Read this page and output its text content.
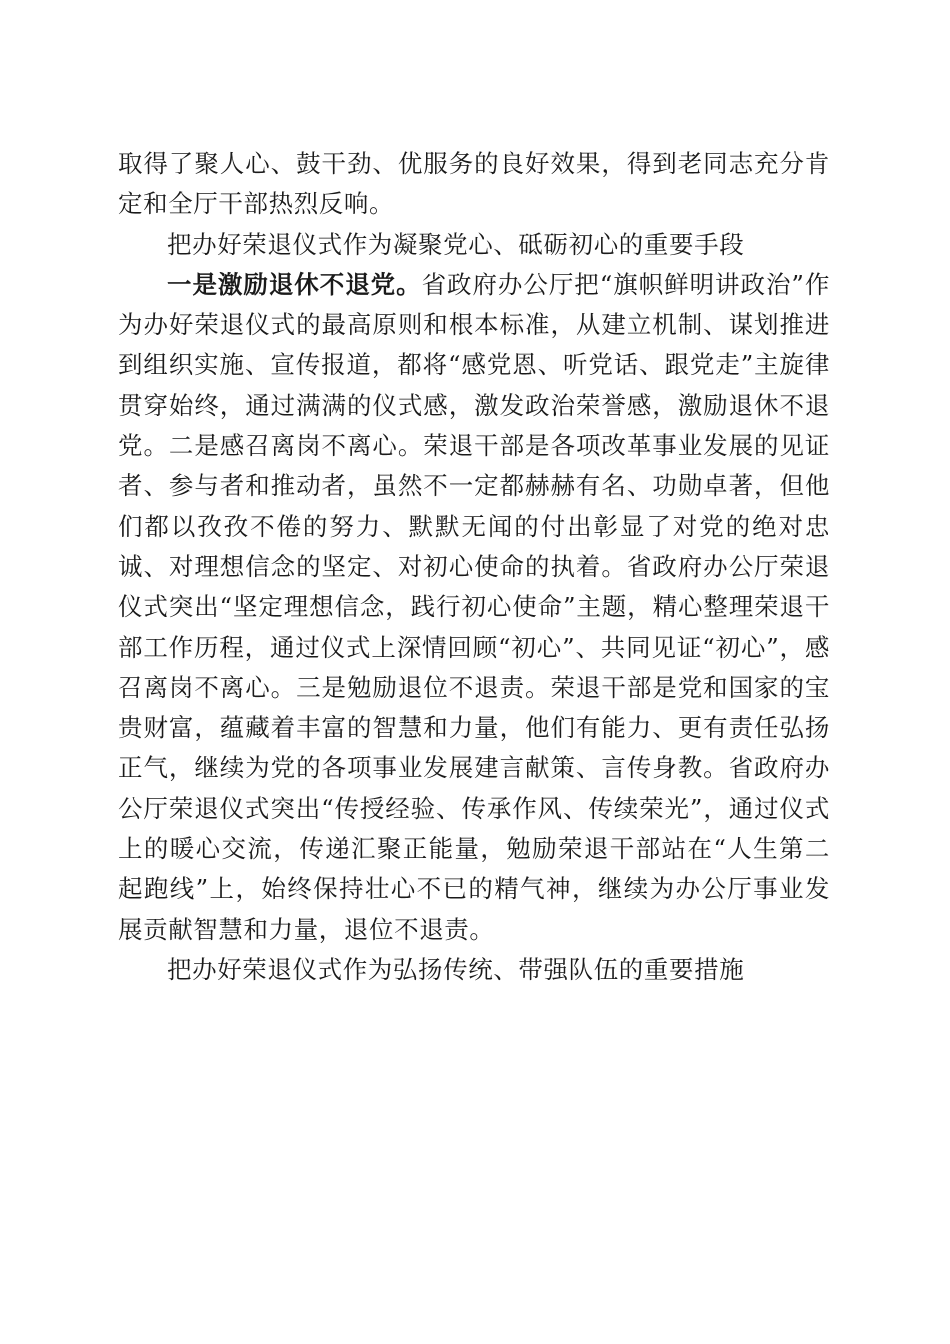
取得了聚人心、鼓干劲、优服务的良好效果，得到老同志充分肯定和全厅干部热烈反响。

把办好荣退仪式作为凝聚党心、砥砺初心的重要手段

一是激励退休不退党。省政府办公厅把“旗帜鲜明讲政治”作为办好荣退仪式的最高原则和根本标准，从建立机制、谋划推进到组织实施、宣传报道，都将“感党恩、听党话、跟党走”主旋律贯穿始终，通过满满的仪式感，激发政治荣誉感，激励退休不退党。二是感召离岗不离心。荣退干部是各项改革事业发展的见证者、参与者和推动者，虽然不一定都赫赫有名、功勋卓著，但他们都以孜孜不倦的努力、默默无闻的付出彰显了对党的绝对忠诚、对理想信念的坚定、对初心使命的执着。省政府办公厅荣退仪式突出“坚定理想信念，践行初心使命”主题，精心整理荣退干部工作历程，通过仪式上深情回顾“初心”、共同见证“初心”，感召离岗不离心。三是勉励退位不退责。荣退干部是党和国家的宝贵财富，蕴藏着丰富的智慧和力量，他们有能力、更有责任弘扬正气，继续为党的各项事业发展建言献策、言传身教。省政府办公厅荣退仪式突出“传授经验、传承作风、传续荣光”，通过仪式上的暖心交流，传递汇聚正能量，勉励荣退干部站在“人生第二起跑线”上，始终保持壮心不已的精气神，继续为办公厅事业发展贡献智慧和力量，退位不退责。

把办好荣退仪式作为弘扬传统、带强队伍的重要措施
